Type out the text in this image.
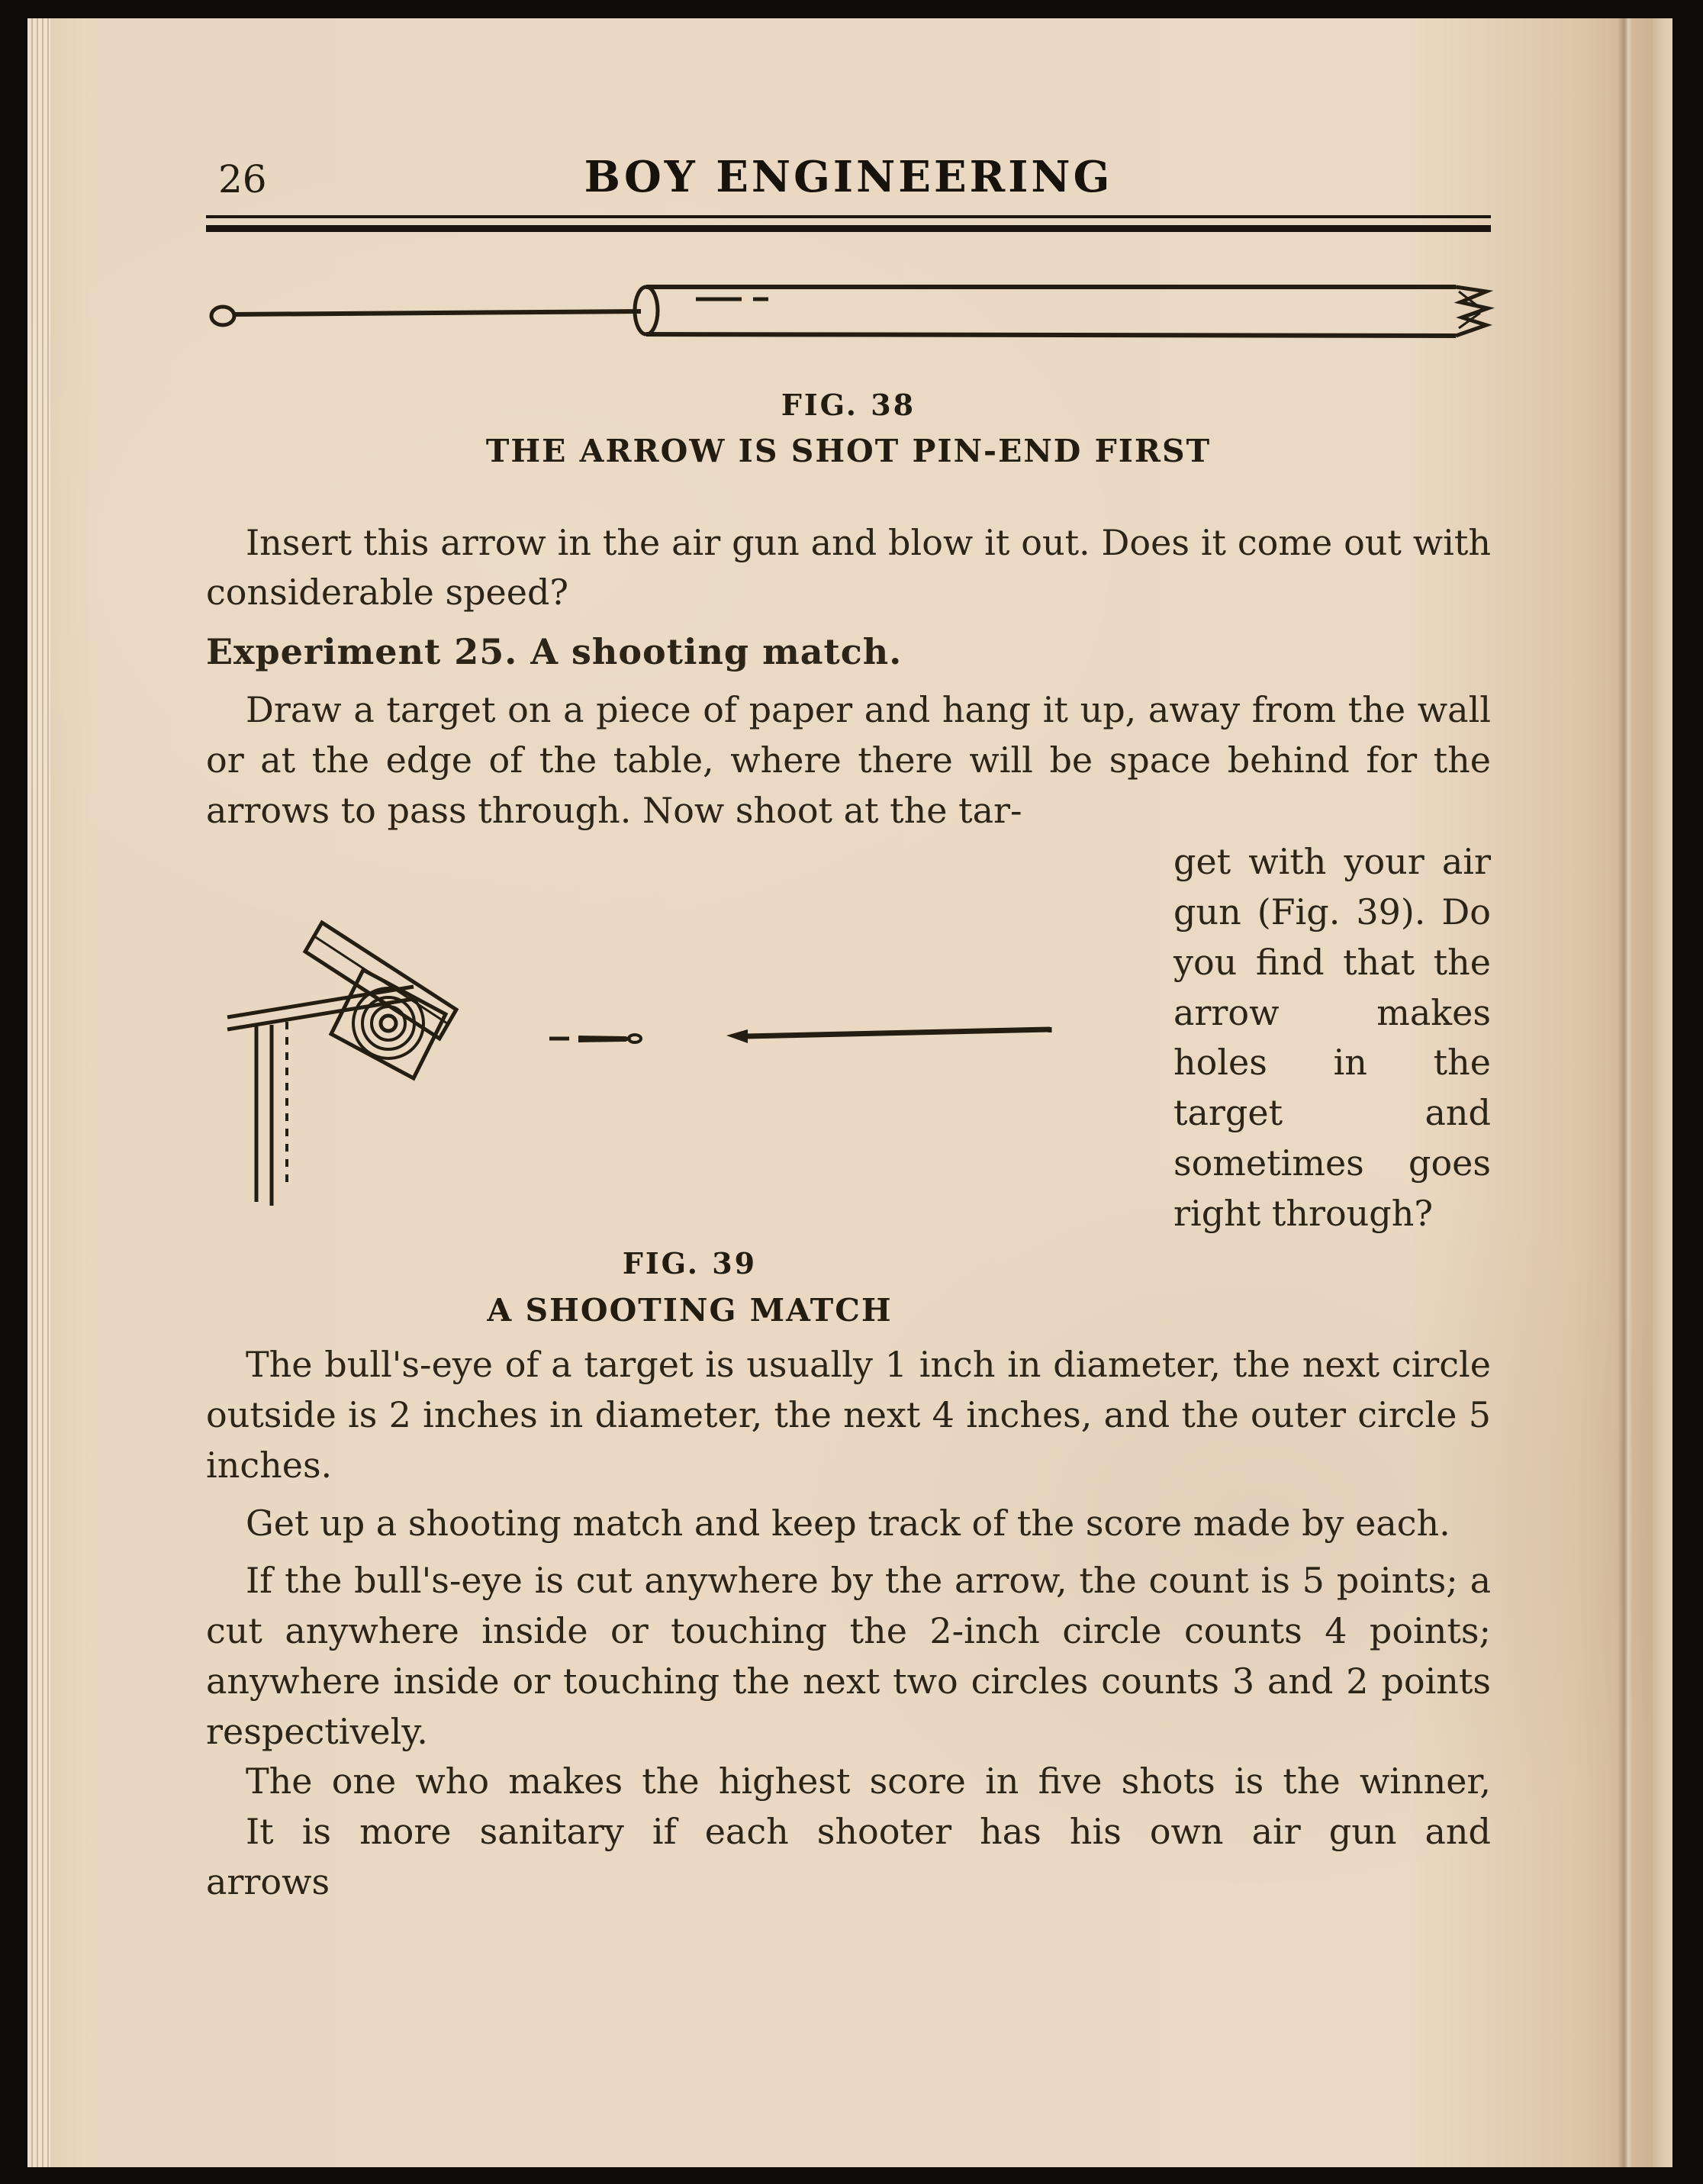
26	BOY ENGINEERING
FIG. 38
THE ARROW IS SHOT PIN-END FIRST

Insert this arrow in the air gun and blow it out. Does it come out with considerable speed?

Experiment 25. A shooting match.

Draw a target on a piece of paper and hang it up, away from the wall or at the edge of the table, where there will be space behind for the arrows to pass through. Now shoot at the tar-

FIG. 39
A SHOOTING MATCH
get with your air gun (Fig. 39). Do you find that the arrow makes holes in the target and sometimes goes right through?

The bull's-eye of a target is usually 1 inch in diameter, the next circle outside is 2 inches in diameter, the next 4 inches, and the outer circle 5 inches.

Get up a shooting match and keep track of the score made by each.

If the bull's-eye is cut anywhere by the arrow, the count is 5 points; a cut anywhere inside or touching the 2-inch circle counts 4 points; anywhere inside or touching the next two circles counts 3 and 2 points respectively.

The one who makes the highest score in five shots is the winner,

It is more sanitary if each shooter has his own air gun and

arrows
